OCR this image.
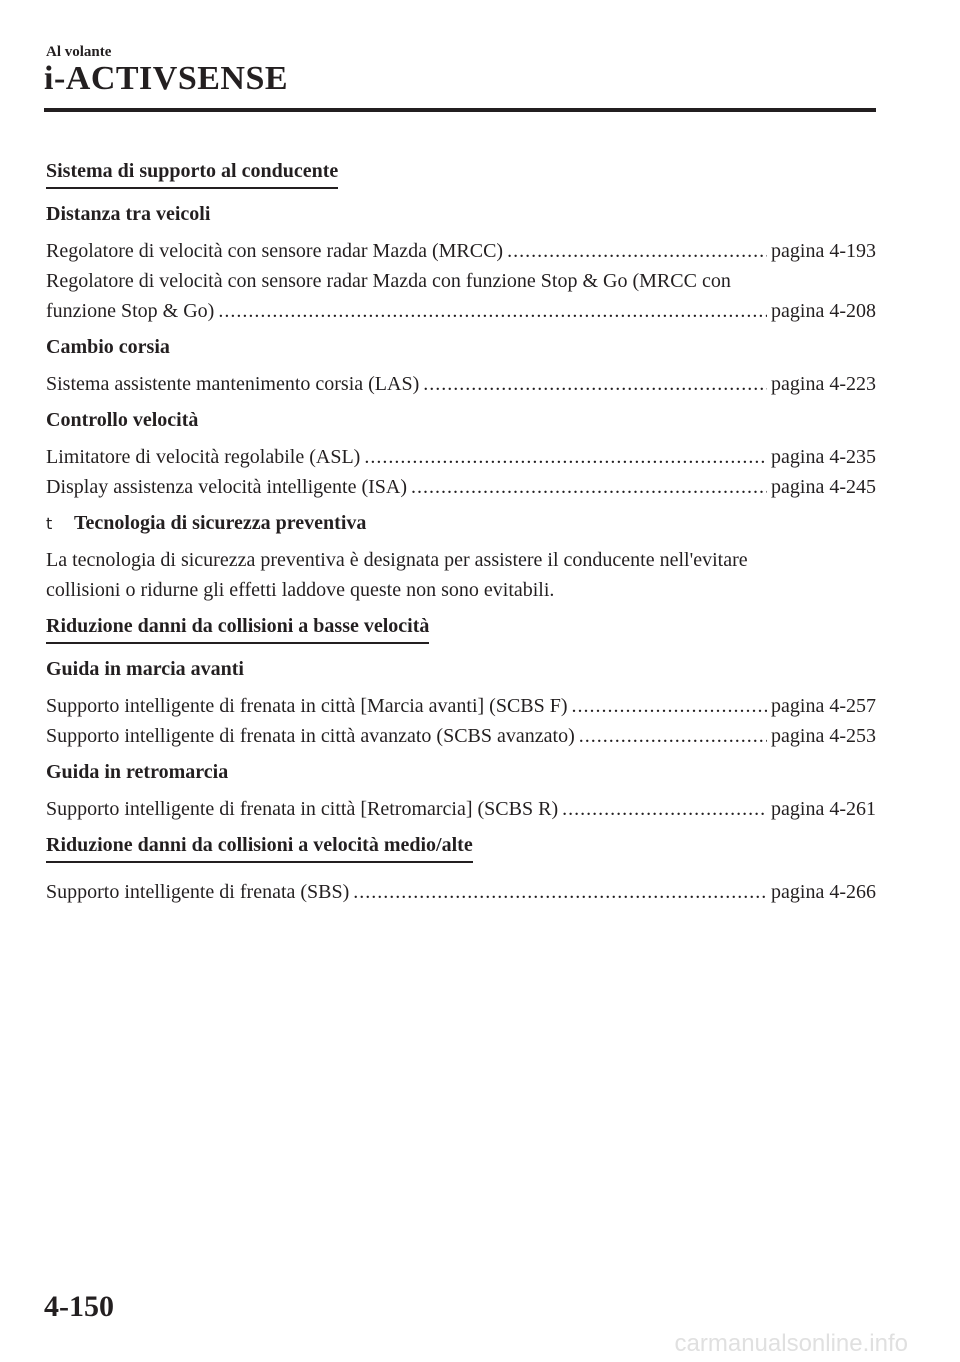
Al volante
i-ACTIVSENSE
Sistema di supporto al conducente
Distanza tra veicoli
Regolatore di velocità con sensore radar Mazda (MRCC) . . .	pagina 4-193
Regolatore di velocità con sensore radar Mazda con funzione Stop & Go (MRCC con
funzione Stop & Go) . . .	pagina 4-208
Cambio corsia
Sistema assistente mantenimento corsia (LAS) . . .	pagina 4-223
Controllo velocità
Limitatore di velocità regolabile (ASL) . . .	pagina 4-235
Display assistenza velocità intelligente (ISA) . . .	pagina 4-245
t	Tecnologia di sicurezza preventiva

La tecnologia di sicurezza preventiva è designata per assistere il conducente nell'evitare

collisioni o ridurne gli effetti laddove queste non sono evitabili.

Riduzione danni da collisioni a basse velocità
Guida in marcia avanti
Supporto intelligente di frenata in città [Marcia avanti] (SCBS F) . . .	pagina 4-257
Supporto intelligente di frenata in città avanzato (SCBS avanzato) . . .	pagina 4-253
Guida in retromarcia
Supporto intelligente di frenata in città [Retromarcia] (SCBS R) . . .	pagina 4-261
Riduzione danni da collisioni a velocità medio/alte
Supporto intelligente di frenata (SBS) . . .	pagina 4-266
4-150
carmanualsonline.info
